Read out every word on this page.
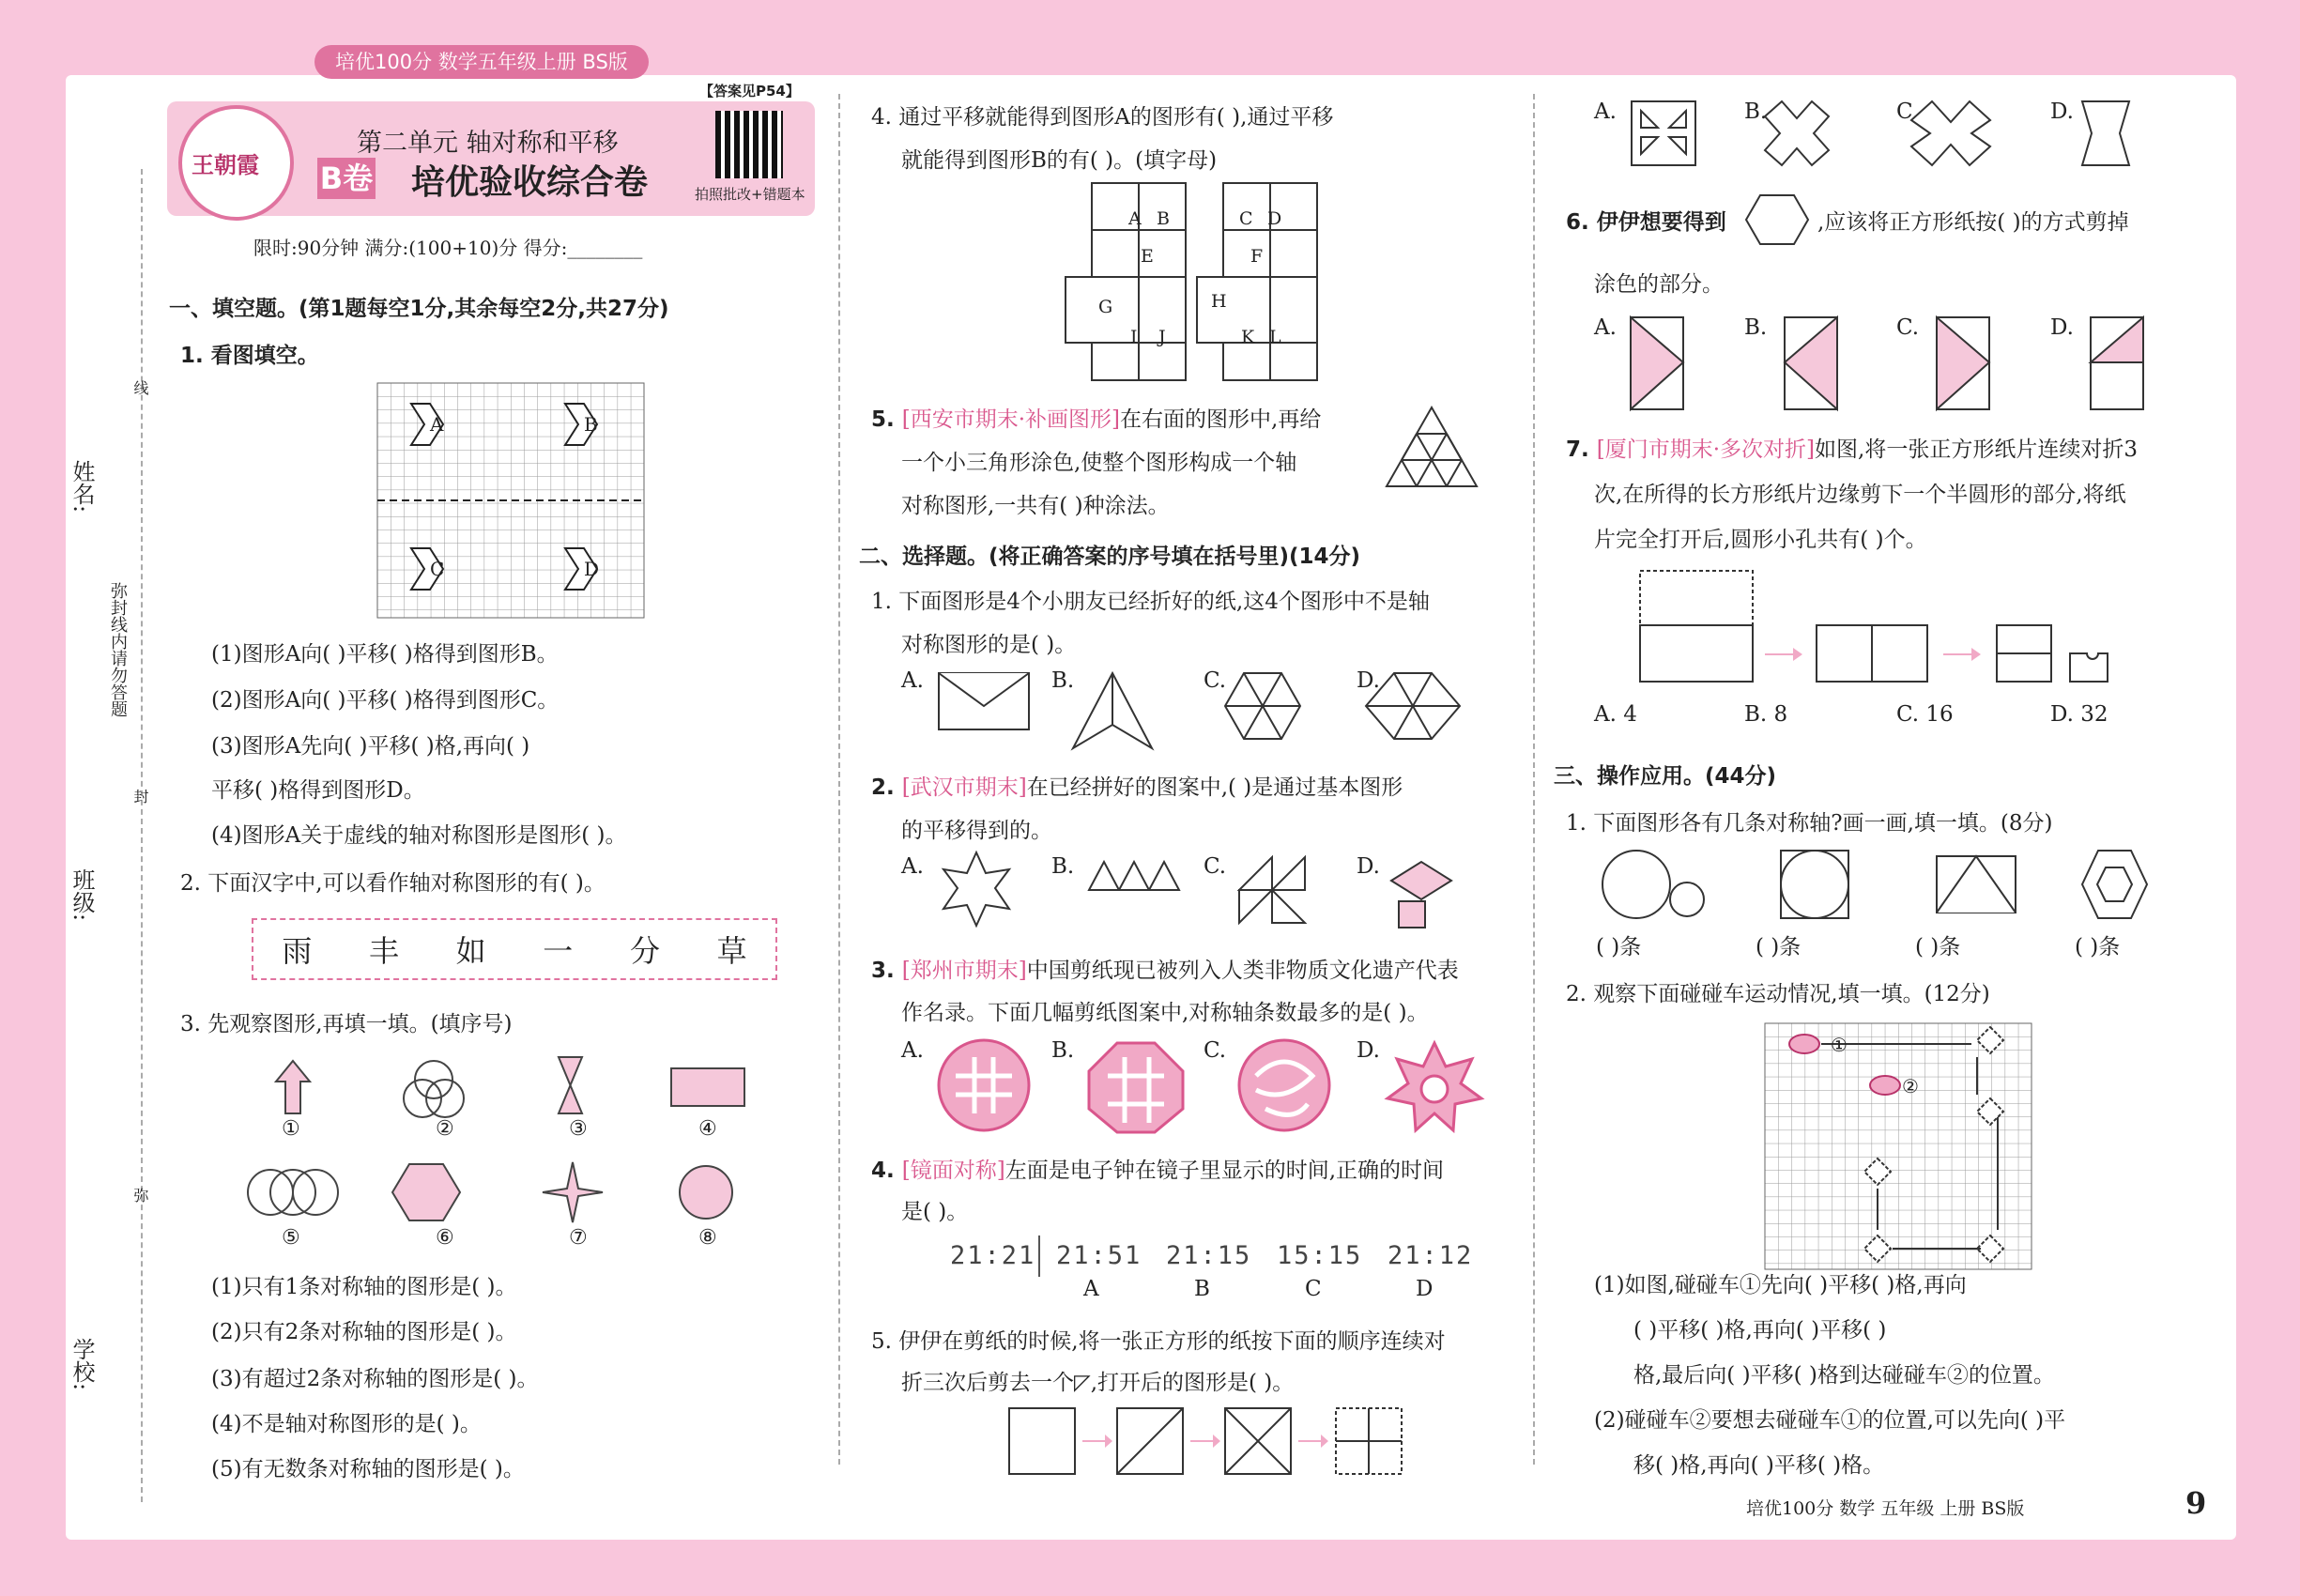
培优100分 数学五年级上册 BS版
【答案见P54】
王朝霞
第二单元 轴对称和平移
B卷 培优验收综合卷	拍照批改+错题本
限时:90分钟 满分:(100+10)分 得分:________
姓名:
班级:
学校:
弥封线内请勿答题
线
封
弥
一、填空题。(第1题每空1分,其余每空2分,共27分)
1. 看图填空。
A	B
C	D
(1)图形A向( )平移( )格得到图形B。
(2)图形A向( )平移( )格得到图形C。
(3)图形A先向( )平移( )格,再向( )
平移( )格得到图形D。
(4)图形A关于虚线的轴对称图形是图形( )。
2. 下面汉字中,可以看作轴对称图形的有( )。
雨 丰 如 一 分 草
3. 先观察图形,再填一填。(填序号)
①	②	③	④
⑤	⑥	⑦	⑧
(1)只有1条对称轴的图形是( )。
(2)只有2条对称轴的图形是( )。
(3)有超过2条对称轴的图形是( )。
(4)不是轴对称图形的是( )。
(5)有无数条对称轴的图形是( )。
4. 通过平移就能得到图形A的图形有( ),通过平移
就能得到图形B的有( )。(填字母)
A B	C D
E	F
G	H
I J	K L
5. [西安市期末·补画图形]在右面的图形中,再给
一个小三角形涂色,使整个图形构成一个轴
对称图形,一共有( )种涂法。
二、选择题。(将正确答案的序号填在括号里)(14分)
1. 下面图形是4个小朋友已经折好的纸,这4个图形中不是轴
对称图形的是( )。
A.	B.	C.	D.
2. [武汉市期末]在已经拼好的图案中,( )是通过基本图形
的平移得到的。
A.	B.	C.	D.
3. [郑州市期末]中国剪纸现已被列入人类非物质文化遗产代表
作名录。下面几幅剪纸图案中,对称轴条数最多的是( )。
A.	B.	C.	D.
4. [镜面对称]左面是电子钟在镜子里显示的时间,正确的时间
是( )。
21:21 21:51 21:15 15:15 21:12
A	B	C	D
5. 伊伊在剪纸的时候,将一张正方形的纸按下面的顺序连续对
折三次后剪去一个◸,打开后的图形是( )。
A.	B.	C.	D.
6. 伊伊想要得到	,应该将正方形纸按( )的方式剪掉
涂色的部分。
A.	B.	C.	D.
7. [厦门市期末·多次对折]如图,将一张正方形纸片连续对折3
次,在所得的长方形纸片边缘剪下一个半圆形的部分,将纸
片完全打开后,圆形小孔共有( )个。
A. 4	B. 8	C. 16	D. 32
三、操作应用。(44分)
1. 下面图形各有几条对称轴?画一画,填一填。(8分)
( )条	( )条	( )条	( )条
2. 观察下面碰碰车运动情况,填一填。(12分)
①
②
(1)如图,碰碰车①先向( )平移( )格,再向
( )平移( )格,再向( )平移( )
格,最后向( )平移( )格到达碰碰车②的位置。
(2)碰碰车②要想去碰碰车①的位置,可以先向( )平
移( )格,再向( )平移( )格。
培优100分 数学 五年级 上册 BS版	9
